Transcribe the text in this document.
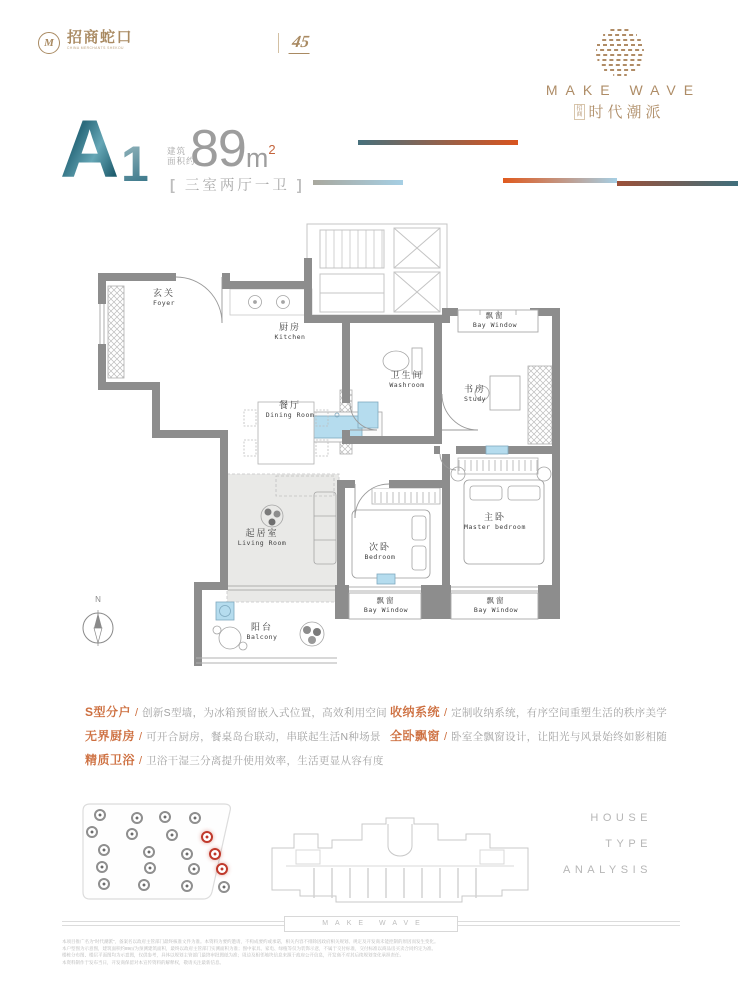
M 招商蛇口
CHINA MERCHANTS SHEKOU	45
MAKE WAVE
招
商 时代潮派
A 1 建筑
面积约
89 m 2
[ 三室两厅一卫 ]
N
玄关
Foyer
厨房
Kitchen
卫生间
Washroom	书房
Study
飘窗
Bay Window
餐厅
Dining Room
起居室
Living Room	次卧
Bedroom
主卧
Master bedroom
飘窗
Bay Window
飘窗
Bay Window
阳台
Balcony
S型分户 / 创新S型墙，为冰箱预留嵌入式位置，高效利用空间
无界厨房 / 可开合厨房，餐桌岛台联动，串联起生活N种场景
精质卫浴 / 卫浴干湿三分离提升使用效率，生活更显从容有度
收纳系统 / 定制收纳系统，有序空间重塑生活的秩序美学
全卧飘窗 / 卧室全飘窗设计，让阳光与风景始终如影相随
HOUSE
TYPE
ANALYSIS
MAKE WAVE
本项目推广名为“时代潮派”，备案名以政府主管部门最终核准文件为准。本资料为要约邀请，不构成要约或承诺，相关内容不排除因政府相关规划、规定及开发商未能控制的原因而发生变化。
本户型图为示意图，建筑面积约89㎡为预测建筑面积，最终以政府主管部门实测面积为准；图中家具、家电、绿植等仅为装饰示意，不属于交付标准，交付标准以商品房买卖合同约定为准。
楼栋分布图、楼层平面图均为示意图，仅供参考，具体以规划主管部门最终审批图纸为准；周边及相邻地块信息来源于政府公开信息，开发商不对其后续规划变化承担责任。
本资料制作于发布当日，开发商保留对本宣传资料的解释权，敬请关注最新信息。
